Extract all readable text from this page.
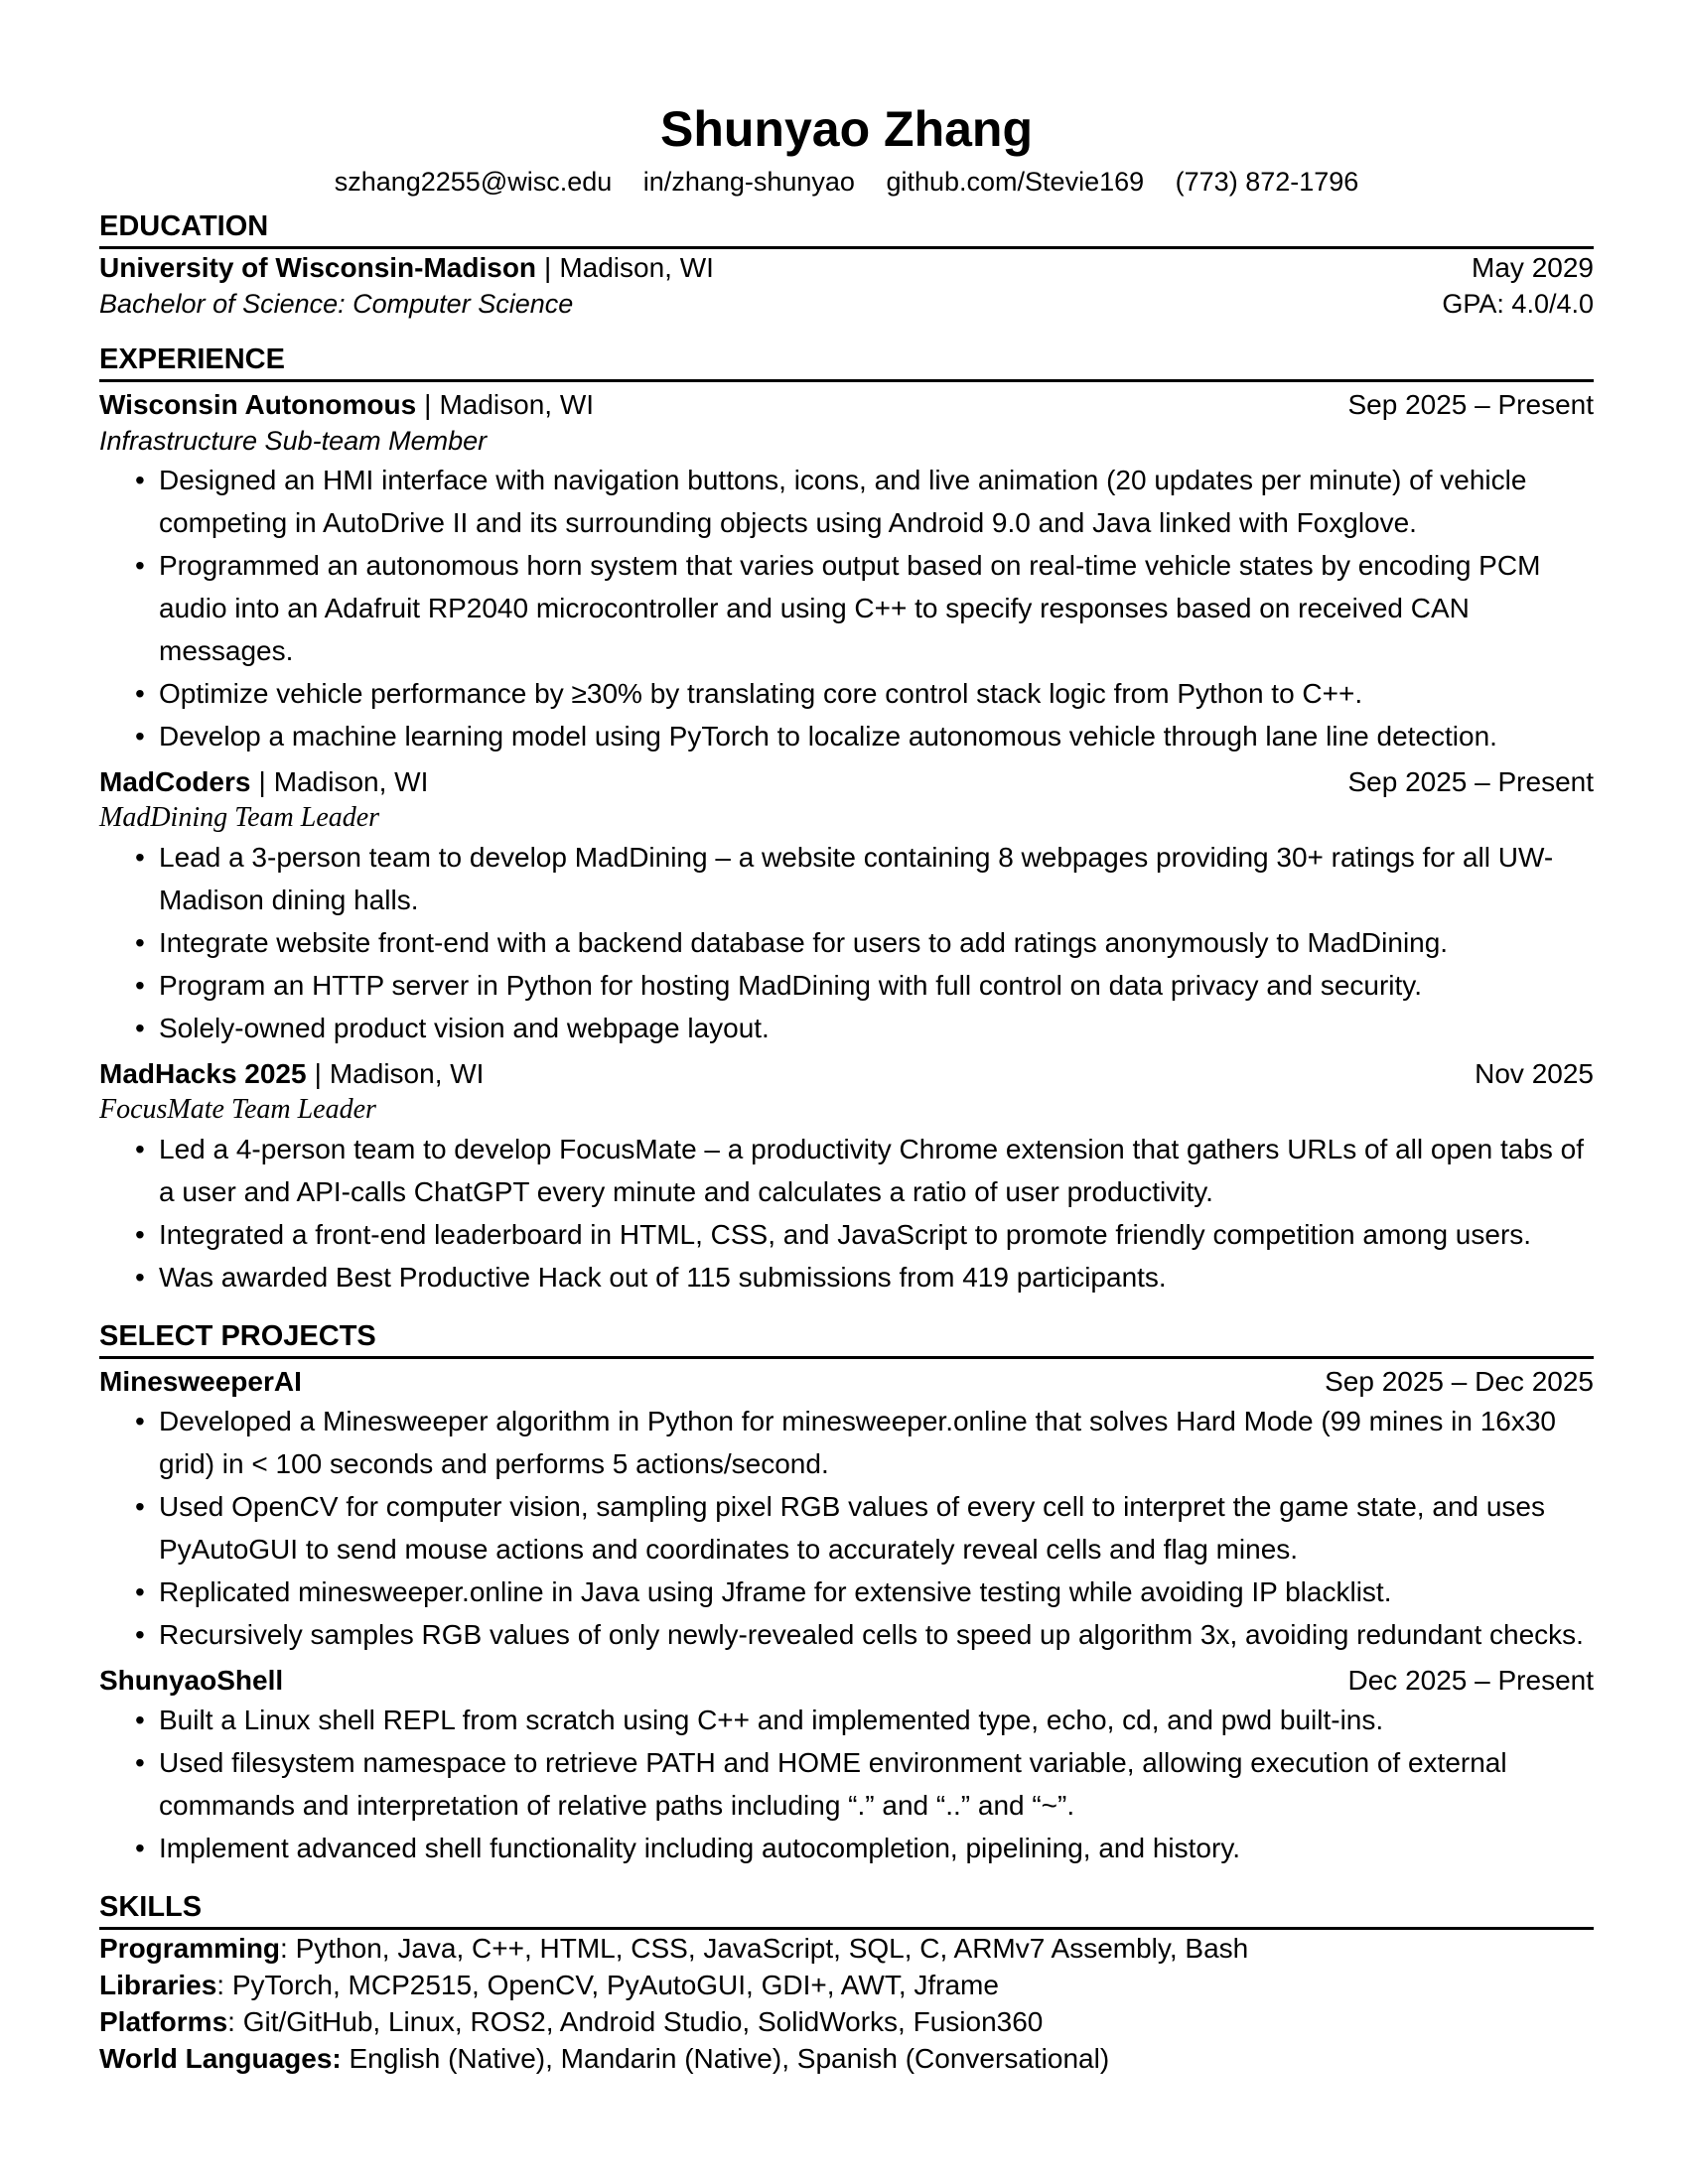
Shunyao Zhang
szhang2255@wisc.edu in/zhang-shunyao github.com/Stevie169 (773) 872-1796
EDUCATION
University of Wisconsin-Madison | Madison, WI	May 2029
Bachelor of Science: Computer Science	GPA: 4.0/4.0
EXPERIENCE
Wisconsin Autonomous | Madison, WI	Sep 2025 – Present
Infrastructure Sub-team Member
• Designed an HMI interface with navigation buttons, icons, and live animation (20 updates per minute) of vehicle competing in AutoDrive II and its surrounding objects using Android 9.0 and Java linked with Foxglove.
• Programmed an autonomous horn system that varies output based on real-time vehicle states by encoding PCM audio into an Adafruit RP2040 microcontroller and using C++ to specify responses based on received CAN messages.
• Optimize vehicle performance by ≥30% by translating core control stack logic from Python to C++.
• Develop a machine learning model using PyTorch to localize autonomous vehicle through lane line detection.
MadCoders | Madison, WI	Sep 2025 – Present
MadDining Team Leader
• Lead a 3-person team to develop MadDining – a website containing 8 webpages providing 30+ ratings for all UW-Madison dining halls.
• Integrate website front-end with a backend database for users to add ratings anonymously to MadDining.
• Program an HTTP server in Python for hosting MadDining with full control on data privacy and security.
• Solely-owned product vision and webpage layout.
MadHacks 2025 | Madison, WI	Nov 2025
FocusMate Team Leader
• Led a 4-person team to develop FocusMate – a productivity Chrome extension that gathers URLs of all open tabs of a user and API-calls ChatGPT every minute and calculates a ratio of user productivity.
• Integrated a front-end leaderboard in HTML, CSS, and JavaScript to promote friendly competition among users.
• Was awarded Best Productive Hack out of 115 submissions from 419 participants.
SELECT PROJECTS
MinesweeperAI	Sep 2025 – Dec 2025
• Developed a Minesweeper algorithm in Python for minesweeper.online that solves Hard Mode (99 mines in 16x30 grid) in < 100 seconds and performs 5 actions/second.
• Used OpenCV for computer vision, sampling pixel RGB values of every cell to interpret the game state, and uses PyAutoGUI to send mouse actions and coordinates to accurately reveal cells and flag mines.
• Replicated minesweeper.online in Java using Jframe for extensive testing while avoiding IP blacklist.
• Recursively samples RGB values of only newly-revealed cells to speed up algorithm 3x, avoiding redundant checks.
ShunyaoShell	Dec 2025 – Present
• Built a Linux shell REPL from scratch using C++ and implemented type, echo, cd, and pwd built-ins.
• Used filesystem namespace to retrieve PATH and HOME environment variable, allowing execution of external commands and interpretation of relative paths including “.” and “..” and “~”.
• Implement advanced shell functionality including autocompletion, pipelining, and history.
SKILLS
Programming: Python, Java, C++, HTML, CSS, JavaScript, SQL, C, ARMv7 Assembly, Bash
Libraries: PyTorch, MCP2515, OpenCV, PyAutoGUI, GDI+, AWT, Jframe
Platforms: Git/GitHub, Linux, ROS2, Android Studio, SolidWorks, Fusion360
World Languages: English (Native), Mandarin (Native), Spanish (Conversational)
